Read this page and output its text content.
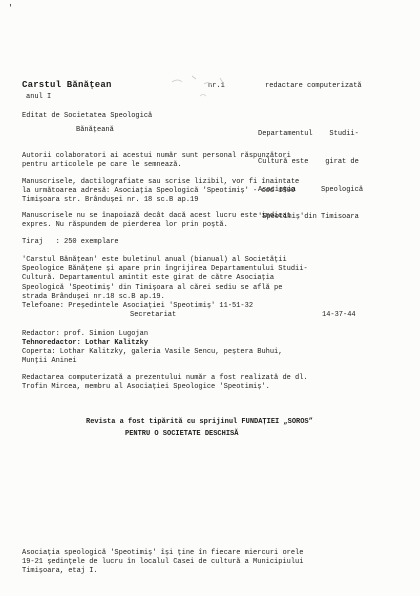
'
Carstul Bănățean	nr.1	redactare computerizată
anul I
Editat de Societatea Speologică
Bănățeană

Departamentul    Studii-

Cultură este    girat de

Asociația      Speologică

'Speotimiș'din Timisoara

Autorii colaboratori ai acestui număr sunt personal răspunzători
pentru articolele pe care le semnează.
Manuscrisele, dactilografiate sau scrise lizibil, vor fi înaintate
la următoarea adresă: Asociația Speologică 'Speotimiș' - cod 1900
Timișoara str. Brândușei nr. 18 sc.B ap.19
Manuscrisele nu se înapoiază decât dacă acest lucru este indicat
expres. Nu răspundem de pierderea lor prin poștă.
Tiraj   : 250 exemplare
'Carstul Bănățean' este buletinul anual (bianual) al Societății
Speologice Bănățene și apare prin îngrijirea Departamentului Studii-
Cultură. Departamentul amintit este girat de către Asociația
Speologică 'Speotimiș' din Timișoara al cărei sediu se află pe
strada Brândușei nr.18 sc.B ap.19.
Telefoane: Președintele Asociației 'Speotimiș' 11-51-32
Secretariat	14-37-44
Redactor: prof. Simion Lugojan
Tehnoredactor: Lothar Kalitzky
Coperta: Lothar Kalitzky, galeria Vasile Sencu, peștera Buhui,
Munții Aninei
Redactarea computerizată a prezentului număr a fost realizată de dl.
Trofin Mircea, membru al Asociației Speologice 'Speotimiș'.
Revista a fost tipărită cu sprijinul FUNDAȚIEI „SOROS”
PENTRU O SOCIETATE DESCHISĂ
Asociația speologică 'Speotimiș' își ține în fiecare miercuri orele
19-21 ședințele de lucru în localul Casei de cultură a Municipiului
Timișoara, etaj I.
